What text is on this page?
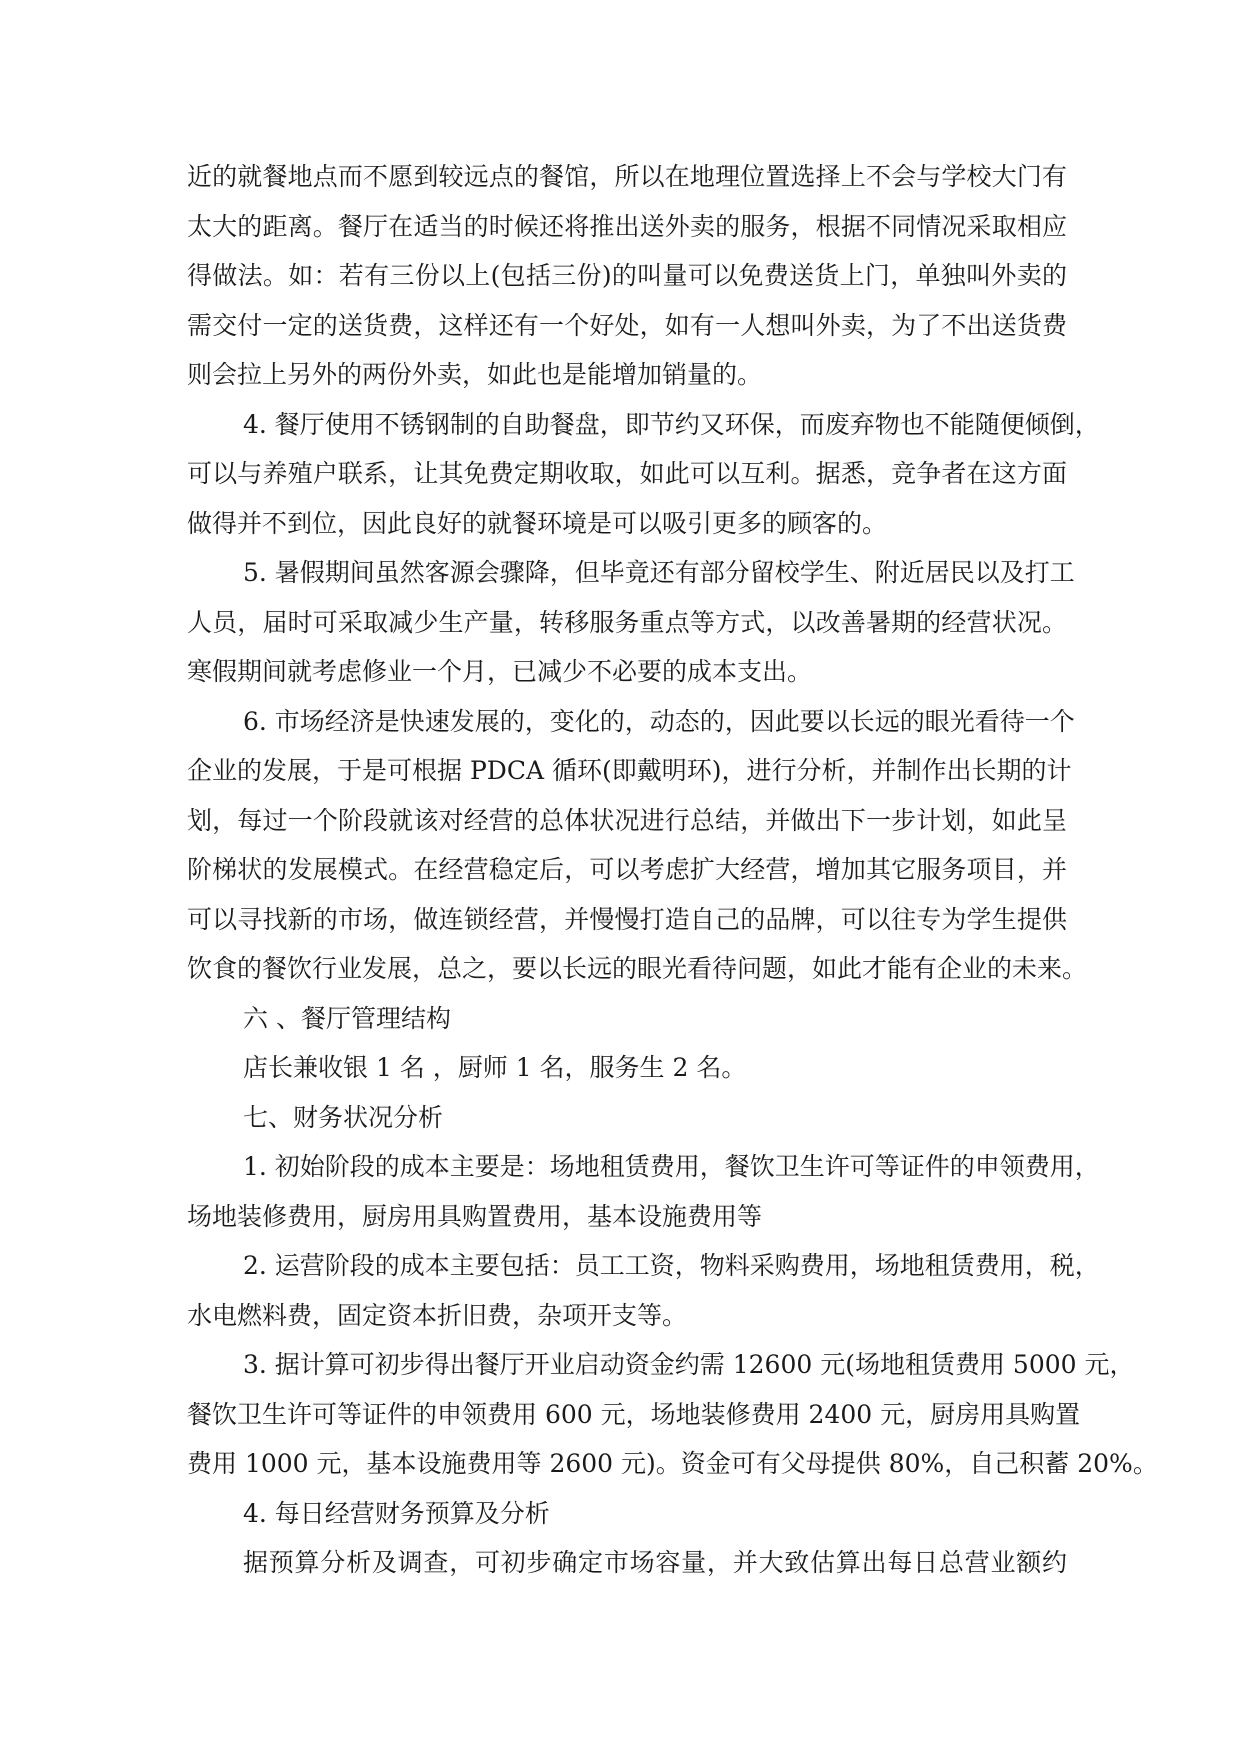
近的就餐地点而不愿到较远点的餐馆，所以在地理位置选择上不会与学校大门有
太大的距离。餐厅在适当的时候还将推出送外卖的服务，根据不同情况采取相应
得做法。如：若有三份以上(包括三份)的叫量可以免费送货上门，单独叫外卖的
需交付一定的送货费，这样还有一个好处，如有一人想叫外卖，为了不出送货费
则会拉上另外的两份外卖，如此也是能增加销量的。
4. 餐厅使用不锈钢制的自助餐盘，即节约又环保，而废弃物也不能随便倾倒，
可以与养殖户联系，让其免费定期收取，如此可以互利。据悉，竞争者在这方面
做得并不到位，因此良好的就餐环境是可以吸引更多的顾客的。
5. 暑假期间虽然客源会骤降，但毕竟还有部分留校学生、附近居民以及打工
人员，届时可采取减少生产量，转移服务重点等方式，以改善暑期的经营状况。
寒假期间就考虑修业一个月，已减少不必要的成本支出。
6. 市场经济是快速发展的，变化的，动态的，因此要以长远的眼光看待一个
企业的发展，于是可根据 PDCA 循环(即戴明环)，进行分析，并制作出长期的计
划，每过一个阶段就该对经营的总体状况进行总结，并做出下一步计划，如此呈
阶梯状的发展模式。在经营稳定后，可以考虑扩大经营，增加其它服务项目，并
可以寻找新的市场，做连锁经营，并慢慢打造自己的品牌，可以往专为学生提供
饮食的餐饮行业发展，总之，要以长远的眼光看待问题，如此才能有企业的未来。
六 、餐厅管理结构
店长兼收银 1 名 ，厨师 1 名，服务生 2 名。
七、财务状况分析
1. 初始阶段的成本主要是：场地租赁费用，餐饮卫生许可等证件的申领费用，
场地装修费用，厨房用具购置费用，基本设施费用等
2. 运营阶段的成本主要包括：员工工资，物料采购费用，场地租赁费用，税，
水电燃料费，固定资本折旧费，杂项开支等。
3. 据计算可初步得出餐厅开业启动资金约需 12600 元(场地租赁费用 5000 元，
餐饮卫生许可等证件的申领费用 600 元，场地装修费用 2400 元，厨房用具购置
费用 1000 元，基本设施费用等 2600 元)。资金可有父母提供 80%，自己积蓄 20%。
4. 每日经营财务预算及分析
据预算分析及调查，可初步确定市场容量，并大致估算出每日总营业额约
